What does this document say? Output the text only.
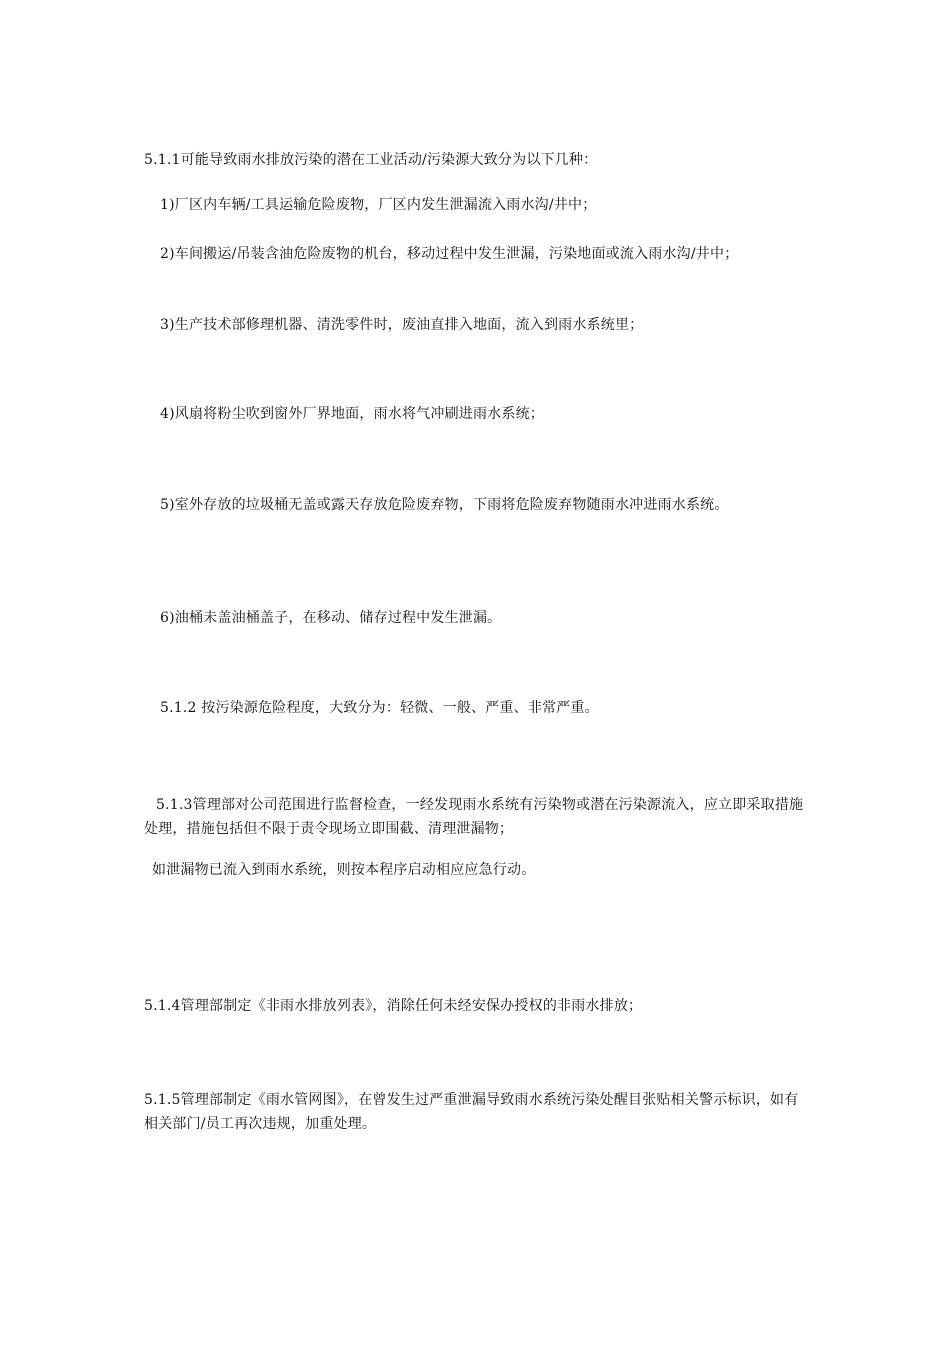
5.1.1可能导致雨水排放污染的潜在工业活动/污染源大致分为以下几种：

1)厂区内车辆/工具运输危险废物，厂区内发生泄漏流入雨水沟/井中；

2)车间搬运/吊装含油危险废物的机台，移动过程中发生泄漏，污染地面或流入雨水沟/井中；

3)生产技术部修理机器、清洗零件时，废油直排入地面，流入到雨水系统里；

4)风扇将粉尘吹到窗外厂界地面，雨水将气冲刷进雨水系统；

5)室外存放的垃圾桶无盖或露天存放危险废弃物，下雨将危险废弃物随雨水冲进雨水系统。

6)油桶未盖油桶盖子，在移动、储存过程中发生泄漏。

5.1.2 按污染源危险程度，大致分为：轻微、一般、严重、非常严重。

5.1.3管理部对公司范围进行监督检查，一经发现雨水系统有污染物或潜在污染源流入，应立即采取措施处理，措施包括但不限于责令现场立即围截、清理泄漏物；

如泄漏物已流入到雨水系统，则按本程序启动相应应急行动。

5.1.4管理部制定《非雨水排放列表》，消除任何未经安保办授权的非雨水排放；

5.1.5管理部制定《雨水管网图》，在曾发生过严重泄漏导致雨水系统污染处醒目张贴相关警示标识，如有相关部门/员工再次违规，加重处理。
